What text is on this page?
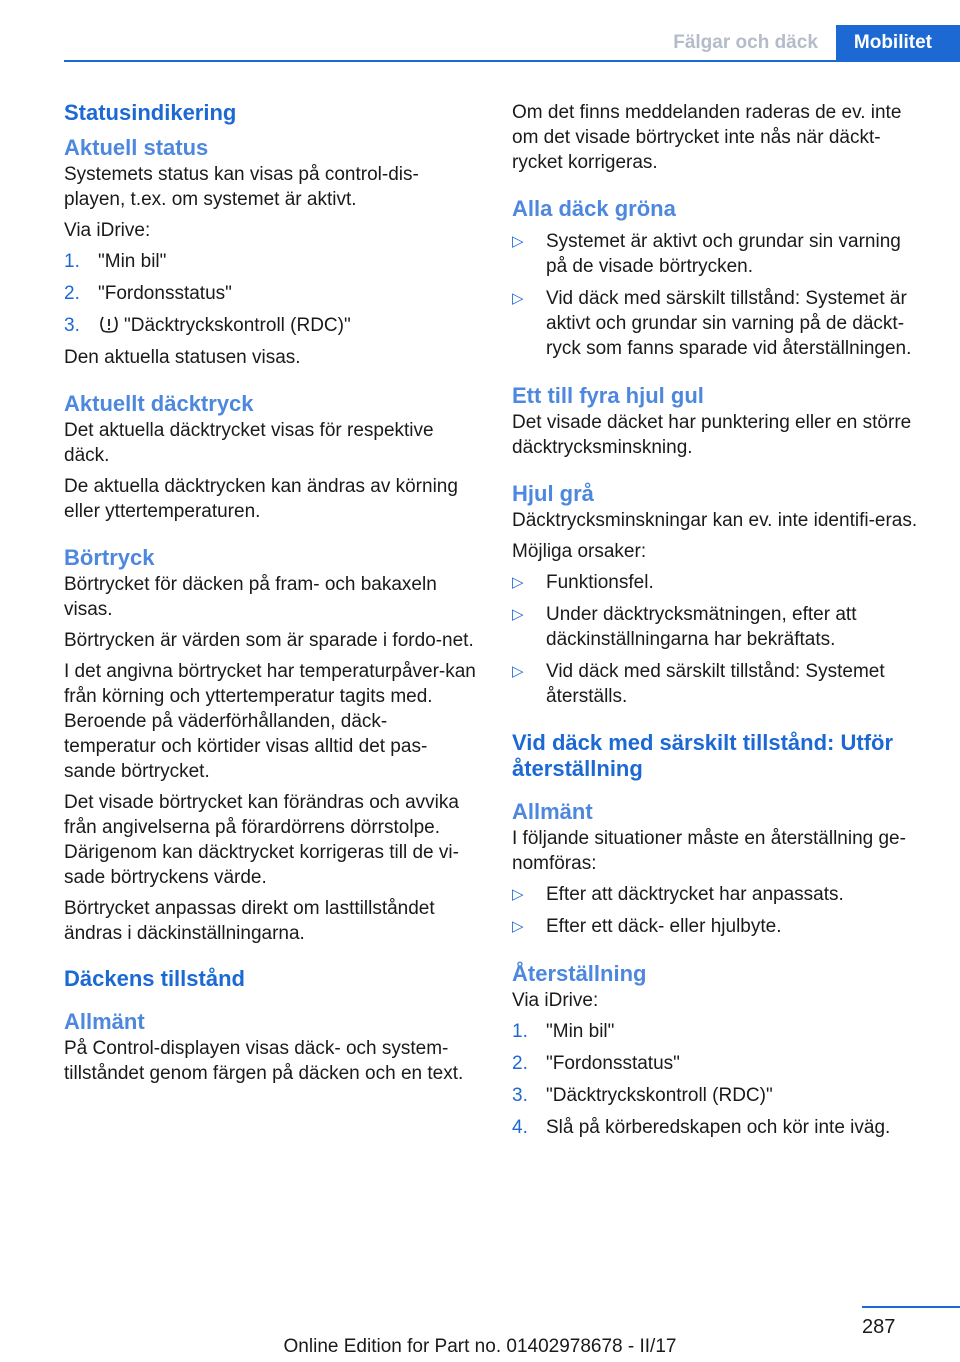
Fälgar och däck	Mobilitet
Statusindikering
Aktuell status

Systemets status kan visas på control-dis-playen, t.ex. om systemet är aktivt.

Via iDrive:

1. "Min bil"
2. "Fordonsstatus"
3. "Däcktryckskontroll (RDC)"

Den aktuella statusen visas.

Aktuellt däcktryck

Det aktuella däcktrycket visas för respektive däck.

De aktuella däcktrycken kan ändras av körning eller yttertemperaturen.

Börtryck

Börtrycket för däcken på fram- och bakaxeln visas.

Börtrycken är värden som är sparade i fordo-net.

I det angivna börtrycket har temperaturpåver-kan från körning och yttertemperatur tagits med. Beroende på väderförhållanden, däck-temperatur och körtider visas alltid det pas-sande börtrycket.

Det visade börtrycket kan förändras och avvika från angivelserna på förardörrens dörrstolpe. Därigenom kan däcktrycket korrigeras till de vi-sade börtryckens värde.

Börtrycket anpassas direkt om lasttillståndet ändras i däckinställningarna.

Däckens tillstånd
Allmänt

På Control-displayen visas däck- och system-tillståndet genom färgen på däcken och en text.

Om det finns meddelanden raderas de ev. inte om det visade börtrycket inte nås när däckt-rycket korrigeras.

Alla däck gröna
▷ Systemet är aktivt och grundar sin varning på de visade börtrycken.
▷ Vid däck med särskilt tillstånd: Systemet är aktivt och grundar sin varning på de däckt-ryck som fanns sparade vid återställningen.
Ett till fyra hjul gul

Det visade däcket har punktering eller en större däcktrycksminskning.

Hjul grå

Däcktrycksminskningar kan ev. inte identifi-eras.

Möjliga orsaker:

▷ Funktionsfel.
▷ Under däcktrycksmätningen, efter att däckinställningarna har bekräftats.
▷ Vid däck med särskilt tillstånd: Systemet återställs.
Vid däck med särskilt tillstånd: Utför återställning
Allmänt

I följande situationer måste en återställning ge-nomföras:

▷ Efter att däcktrycket har anpassats.
▷ Efter ett däck- eller hjulbyte.
Återställning

Via iDrive:

1. "Min bil"
2. "Fordonsstatus"
3. "Däcktryckskontroll (RDC)"
4. Slå på körberedskapen och kör inte iväg.
287
Online Edition for Part no. 01402978678 - II/17
